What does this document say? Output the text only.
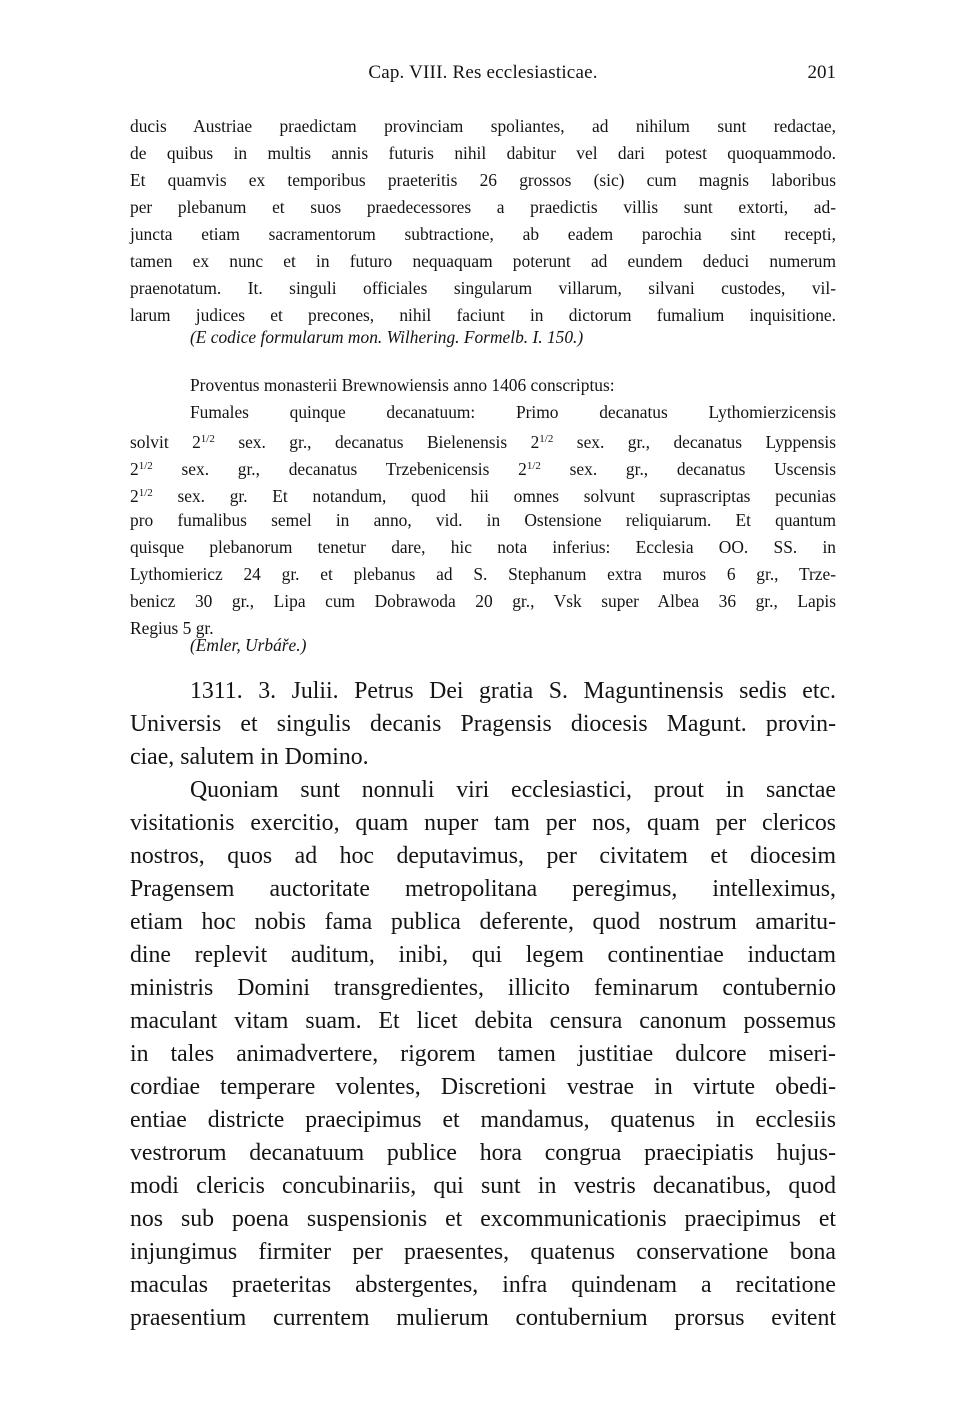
Cap. VIII. Res ecclesiasticae.	201
ducis Austriae praedictam provinciam spoliantes, ad nihilum sunt redactae,
de quibus in multis annis futuris nihil dabitur vel dari potest quoquammodo.
Et quamvis ex temporibus praeteritis 26 grossos (sic) cum magnis laboribus
per plebanum et suos praedecessores a praedictis villis sunt extorti, ad-
juncta etiam sacramentorum subtractione, ab eadem parochia sint recepti,
tamen ex nunc et in futuro nequaquam poterunt ad eundem deduci numerum
praenotatum. It. singuli officiales singularum villarum, silvani custodes, vil-
larum judices et precones, nihil faciunt in dictorum fumalium inquisitione.
(E codice formularum mon. Wilhering. Formelb. I. 150.)
Proventus monasterii Brewnowiensis anno 1406 conscriptus:
Fumales quinque decanatuum: Primo decanatus Lythomierzicensis
solvit $2^{1/2}$ sex. gr., decanatus Bielenensis $2^{1/2}$ sex. gr., decanatus Lyppensis
$2^{1/2}$ sex. gr., decanatus Trzebenicensis $2^{1/2}$ sex. gr., decanatus Uscensis
$2^{1/2}$ sex. gr. Et notandum, quod hii omnes solvunt suprascriptas pecunias
pro fumalibus semel in anno, vid. in Ostensione reliquiarum. Et quantum
quisque plebanorum tenetur dare, hic nota inferius: Ecclesia OO. SS. in
Lythomiericz 24 gr. et plebanus ad S. Stephanum extra muros 6 gr., Trze-
benicz 30 gr., Lipa cum Dobrawoda 20 gr., Vsk super Albea 36 gr., Lapis
Regius 5 gr.
(Emler, Urbáře.)
1311. 3. Julii. Petrus Dei gratia S. Maguntinensis sedis etc.
Universis et singulis decanis Pragensis diocesis Magunt. provin-
ciae, salutem in Domino.
Quoniam sunt nonnuli viri ecclesiastici, prout in sanctae
visitationis exercitio, quam nuper tam per nos, quam per clericos
nostros, quos ad hoc deputavimus, per civitatem et diocesim
Pragensem auctoritate metropolitana peregimus, intelleximus,
etiam hoc nobis fama publica deferente, quod nostrum amaritu-
dine replevit auditum, inibi, qui legem continentiae inductam
ministris Domini transgredientes, illicito feminarum contubernio
maculant vitam suam. Et licet debita censura canonum possemus
in tales animadvertere, rigorem tamen justitiae dulcore miseri-
cordiae temperare volentes, Discretioni vestrae in virtute obedi-
entiae districte praecipimus et mandamus, quatenus in ecclesiis
vestrorum decanatuum publice hora congrua praecipiatis hujus-
modi clericis concubinariis, qui sunt in vestris decanatibus, quod
nos sub poena suspensionis et excommunicationis praecipimus et
injungimus firmiter per praesentes, quatenus conservatione bona
maculas praeteritas abstergentes, infra quindenam a recitatione
praesentium currentem mulierum contubernium prorsus evitent
